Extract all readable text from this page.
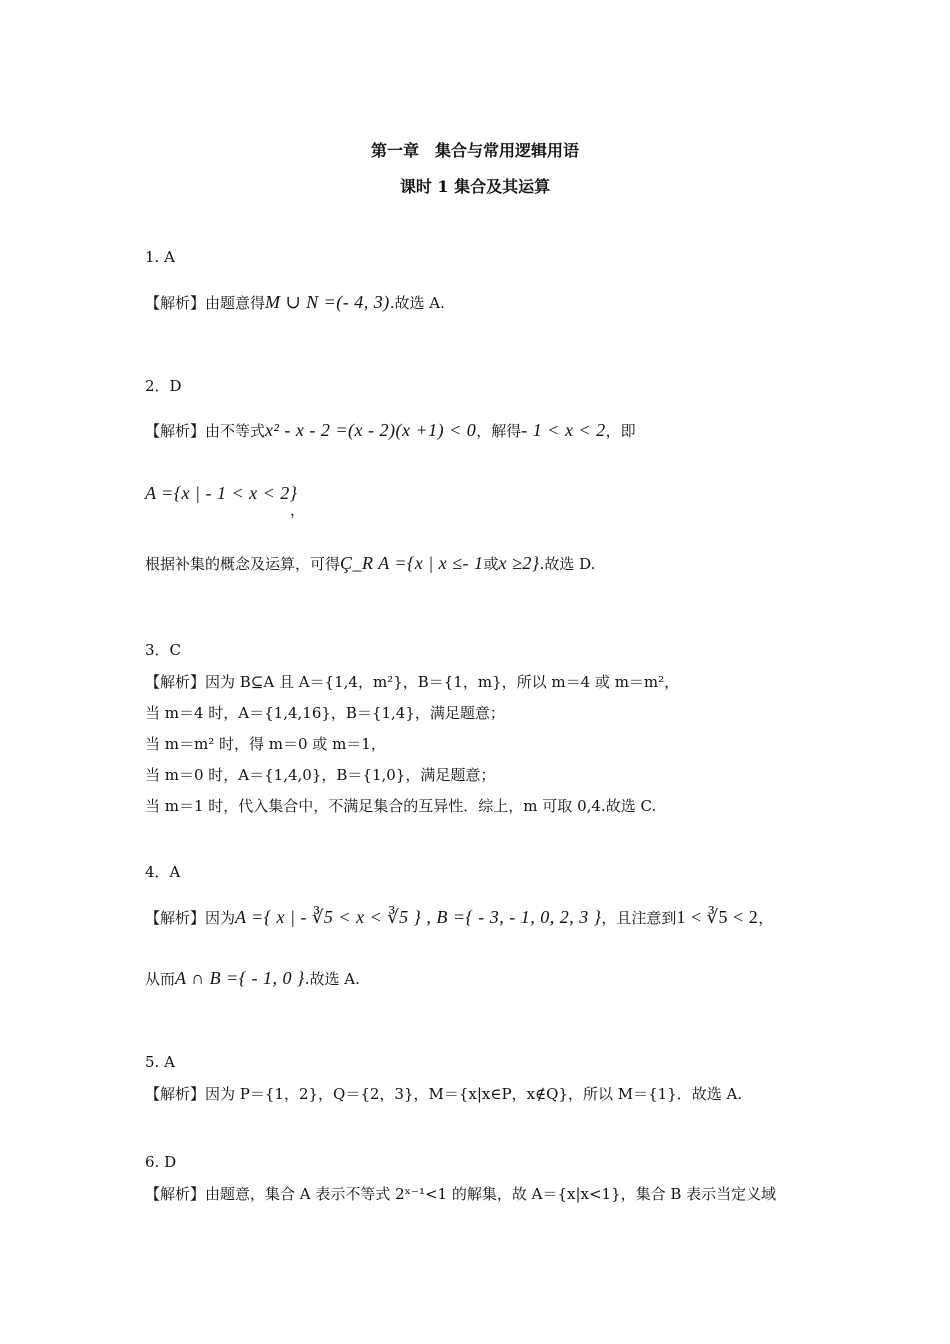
第一章　集合与常用逻辑用语
课时 1 集合及其运算
1. A
【解析】由题意得M ∪ N =(- 4, 3).故选 A.
2．D
【解析】由不等式x² - x - 2 =(x - 2)(x +1) < 0，解得- 1 < x < 2，即
A ={x | - 1 < x < 2}
，
根据补集的概念及运算，可得Ç_R A ={x | x ≤- 1或x ≥2}.故选 D.
3．C
【解析】因为 B⊆A 且 A＝{1,4，m²}，B＝{1，m}，所以 m＝4 或 m＝m²，
当 m＝4 时，A＝{1,4,16}，B＝{1,4}，满足题意；
当 m＝m² 时，得 m＝0 或 m＝1，
当 m＝0 时，A＝{1,4,0}，B＝{1,0}，满足题意；
当 m＝1 时，代入集合中，不满足集合的互异性．综上，m 可取 0,4.故选 C.
4．A
【解析】因为A ={ x | - ∛5 < x < ∛5 } , B ={ - 3, - 1, 0, 2, 3 }，且注意到1 < ∛5 < 2，
从而A ∩ B ={ - 1, 0 }.故选 A.
5. A
【解析】因为 P＝{1，2}，Q＝{2，3}，M＝{x|x∈P，x∉Q}，所以 M＝{1}．故选 A.
6. D
【解析】由题意，集合 A 表示不等式 2ˣ⁻¹<1 的解集，故 A＝{x|x<1}，集合 B 表示当定义域
